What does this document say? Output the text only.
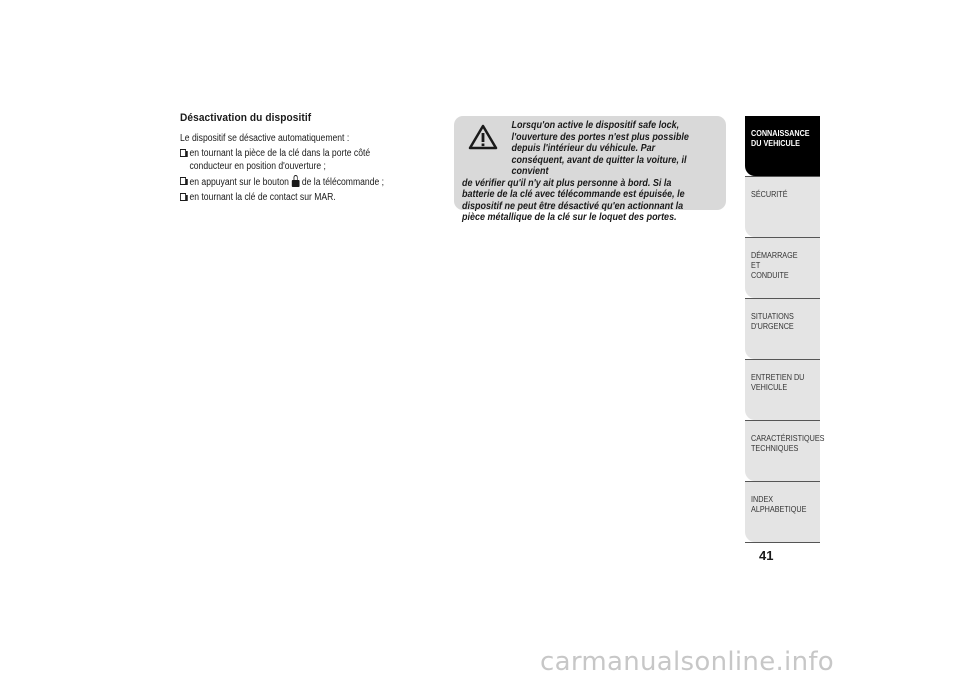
Désactivation du dispositif

Le dispositif se désactive automatiquement :

en tournant la pièce de la clé dans la porte côté conducteur en position d'ouverture ;
en appuyant sur le bouton de la télécommande ;
en tournant la clé de contact sur MAR.
Lorsqu'on active le dispositif safe lock, l'ouverture des portes n'est plus possible depuis l'intérieur du véhicule. Par conséquent, avant de quitter la voiture, il convient
de vérifier qu'il n'y ait plus personne à bord. Si la batterie de la clé avec télécommande est épuisée, le dispositif ne peut être désactivé qu'en actionnant la pièce métallique de la clé sur le loquet des portes.
CONNAISSANCE
DU VEHICULE
SÉCURITÉ
DÉMARRAGE ET
CONDUITE
SITUATIONS
D'URGENCE
ENTRETIEN DU
VEHICULE
CARACTÉRISTIQUES
TECHNIQUES
INDEX
ALPHABETIQUE
41
carmanualsonline.info
